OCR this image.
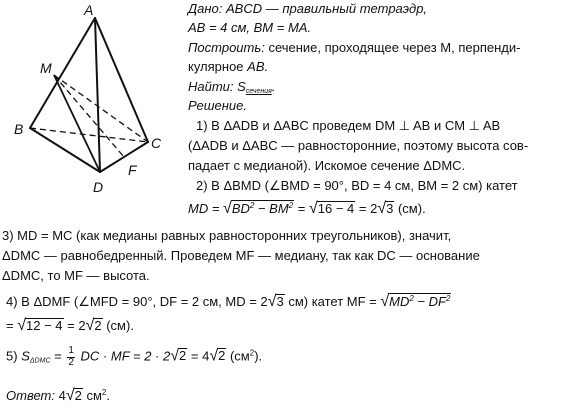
A
M
B
C
D
F
Дано: ABCD — правильный тетраэдр,
AB = 4 см, BM = MA.
Построить: сечение, проходящее через M, перпенди-
кулярное AB.
Найти: $S_{сечения}$.
Решение.
1) В ΔADB и ΔABC проведем DM ⊥ AB и CM ⊥ AB
(ΔADB и ΔABC — равносторонние, поэтому высота сов-
падает с медианой). Искомое сечение ΔDMC.
2) В ΔBMD (∠BMD = 90°, BD = 4 см, BM = 2 см) катет
MD = $√BD^2 - BM^2 = √16 - 4 = 2√3$ (см).
3) MD = MC (как медианы равных равносторонних треугольников), значит,
ΔDMC — равнобедренный. Проведем MF — медиану, так как DC — основание
ΔDMC, то MF — высота.
4) В ΔDMF (∠MFD = 90°, DF = 2 см, MD = 2√3 см) катет MF = $√MD^2 - DF^2$
= √12 − 4 = 2√2 (см).
5) $S_{\Delta DMC} = \frac{1}{2}$ DC · MF = 2 · 2√2 = 4√2 $(см^2)$.
Ответ: 4√2 $см^2$.
